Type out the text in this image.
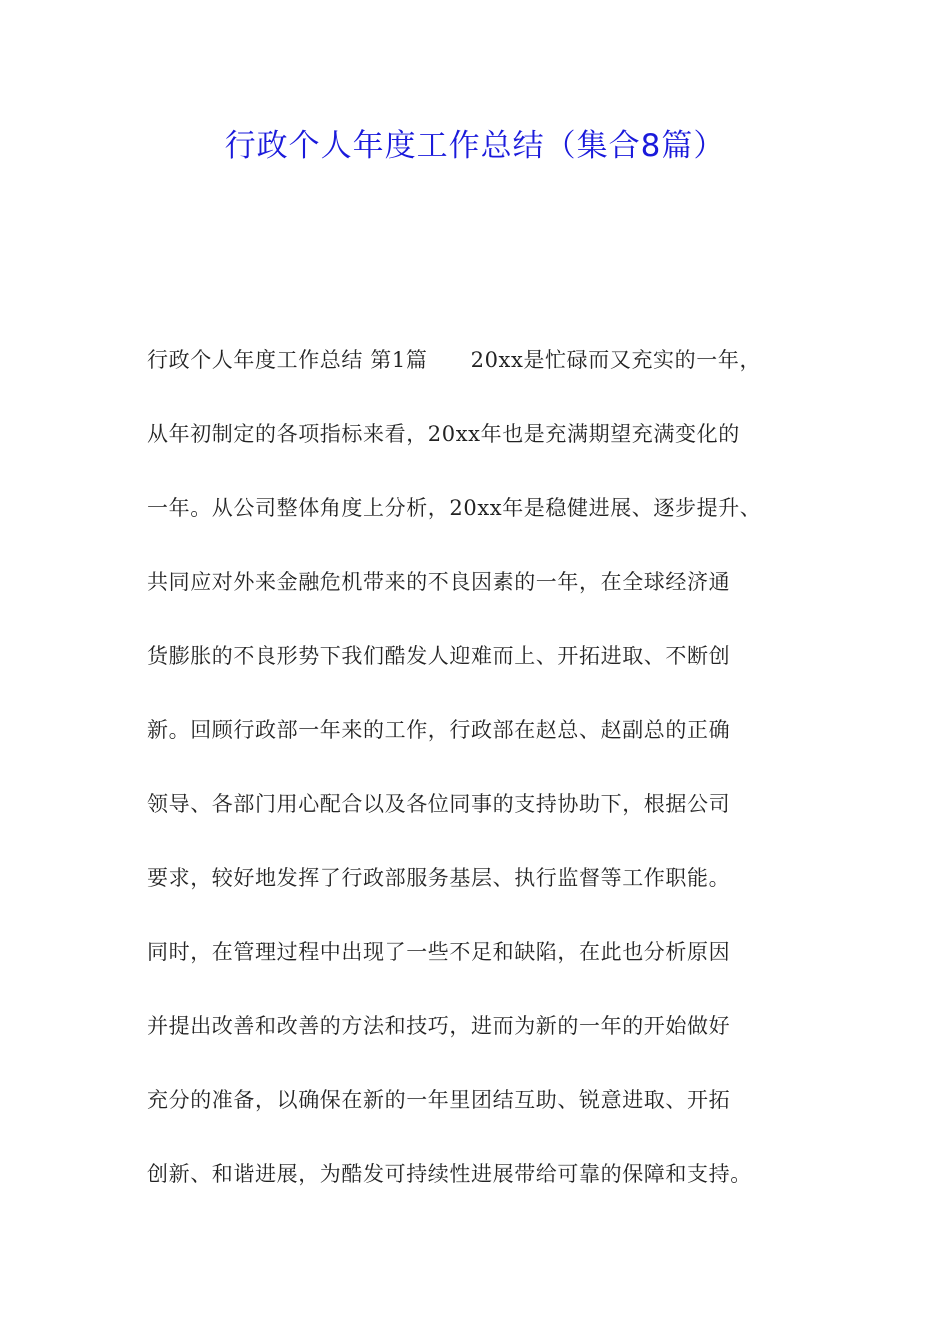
行政个人年度工作总结（集合8篇）
行政个人年度工作总结 第1篇　　20xx是忙碌而又充实的一年，
从年初制定的各项指标来看，20xx年也是充满期望充满变化的
一年。从公司整体角度上分析，20xx年是稳健进展、逐步提升、
共同应对外来金融危机带来的不良因素的一年，在全球经济通
货膨胀的不良形势下我们酷发人迎难而上、开拓进取、不断创
新。回顾行政部一年来的工作，行政部在赵总、赵副总的正确
领导、各部门用心配合以及各位同事的支持协助下，根据公司
要求，较好地发挥了行政部服务基层、执行监督等工作职能。
同时，在管理过程中出现了一些不足和缺陷，在此也分析原因
并提出改善和改善的方法和技巧，进而为新的一年的开始做好
充分的准备，以确保在新的一年里团结互助、锐意进取、开拓
创新、和谐进展，为酷发可持续性进展带给可靠的保障和支持。
